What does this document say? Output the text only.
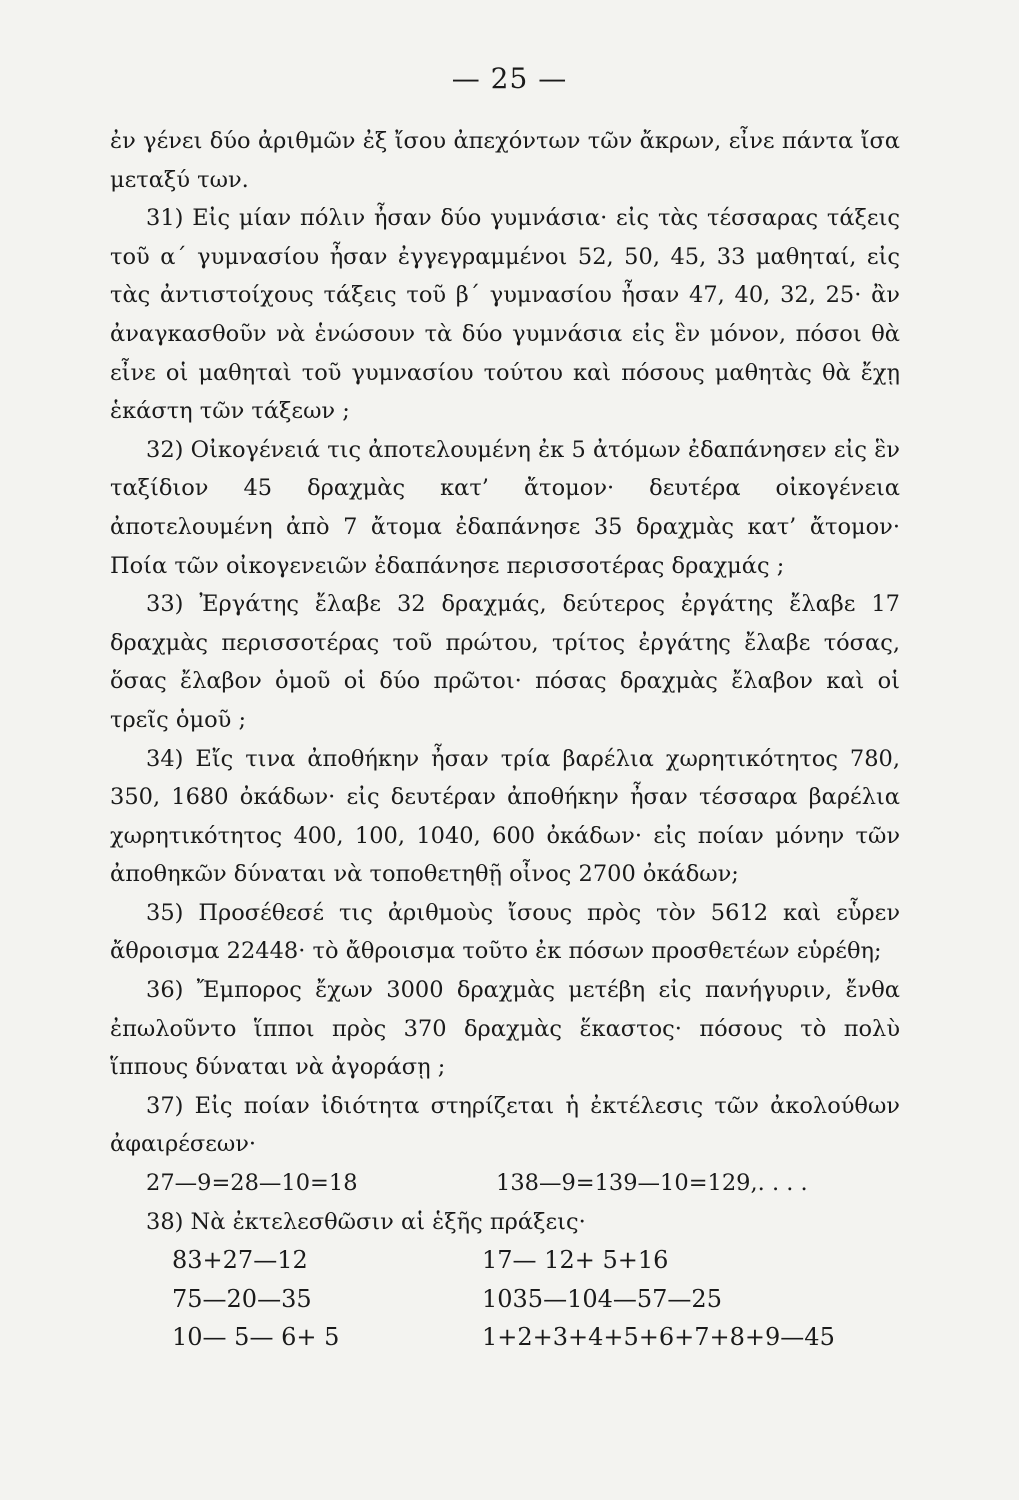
— 25 —

ἐν γένει δύο ἀριθμῶν ἐξ ἴσου ἀπεχόντων τῶν ἄκρων, εἶνε πάντα ἴσα μεταξύ των.

31) Εἰς μίαν πόλιν ἦσαν δύο γυμνάσια· εἰς τὰς τέσσαρας τάξεις τοῦ α΄ γυμνασίου ἦσαν ἐγγεγραμμένοι 52, 50, 45, 33 μαθηταί, εἰς τὰς ἀντιστοίχους τάξεις τοῦ β΄ γυμνασίου ἦσαν 47, 40, 32, 25· ἂν ἀναγκασθοῦν νὰ ἑνώσουν τὰ δύο γυμνάσια εἰς ἓν μόνον, πόσοι θὰ εἶνε οἱ μαθηταὶ τοῦ γυμνασίου τούτου καὶ πόσους μαθητὰς θὰ ἔχῃ ἑκάστη τῶν τάξεων ;

32) Οἰκογένειά τις ἀποτελουμένη ἐκ 5 ἀτόμων ἐδαπάνησεν εἰς ἓν ταξίδιον 45 δραχμὰς κατ’ ἄτομον· δευτέρα οἰκογένεια ἀποτελουμένη ἀπὸ 7 ἄτομα ἐδαπάνησε 35 δραχμὰς κατ’ ἄτομον· Ποία τῶν οἰκογενειῶν ἐδαπάνησε περισσοτέρας δραχμάς ;

33) Ἐργάτης ἔλαβε 32 δραχμάς, δεύτερος ἐργάτης ἔλαβε 17 δραχμὰς περισσοτέρας τοῦ πρώτου, τρίτος ἐργάτης ἔλαβε τόσας, ὅσας ἔλαβον ὁμοῦ οἱ δύο πρῶτοι· πόσας δραχμὰς ἔλαβον καὶ οἱ τρεῖς ὁμοῦ ;

34) Εἴς τινα ἀποθήκην ἦσαν τρία βαρέλια χωρητικότητος 780, 350, 1680 ὀκάδων· εἰς δευτέραν ἀποθήκην ἦσαν τέσσαρα βαρέλια χωρητικότητος 400, 100, 1040, 600 ὀκάδων· εἰς ποίαν μόνην τῶν ἀποθηκῶν δύναται νὰ τοποθετηθῇ οἶνος 2700 ὀκάδων;

35) Προσέθεσέ τις ἀριθμοὺς ἴσους πρὸς τὸν 5612 καὶ εὗρεν ἄθροισμα 22448· τὸ ἄθροισμα τοῦτο ἐκ πόσων προσθετέων εὑρέθη;

36) Ἔμπορος ἔχων 3000 δραχμὰς μετέβη εἰς πανήγυριν, ἔνθα ἐπωλοῦντο ἵπποι πρὸς 370 δραχμὰς ἕκαστος· πόσους τὸ πολὺ ἵππους δύναται νὰ ἀγοράσῃ ;

37) Εἰς ποίαν ἰδιότητα στηρίζεται ἡ ἐκτέλεσις τῶν ἀκολούθων ἀφαιρέσεων·

27—9=28—10=18	138—9=139—10=129,. . . .

38) Νὰ ἐκτελεσθῶσιν αἱ ἑξῆς πράξεις·

83+27—12	17— 12+ 5+16
75—20—35	1035—104—57—25
10— 5— 6+ 5	1+2+3+4+5+6+7+8+9—45
